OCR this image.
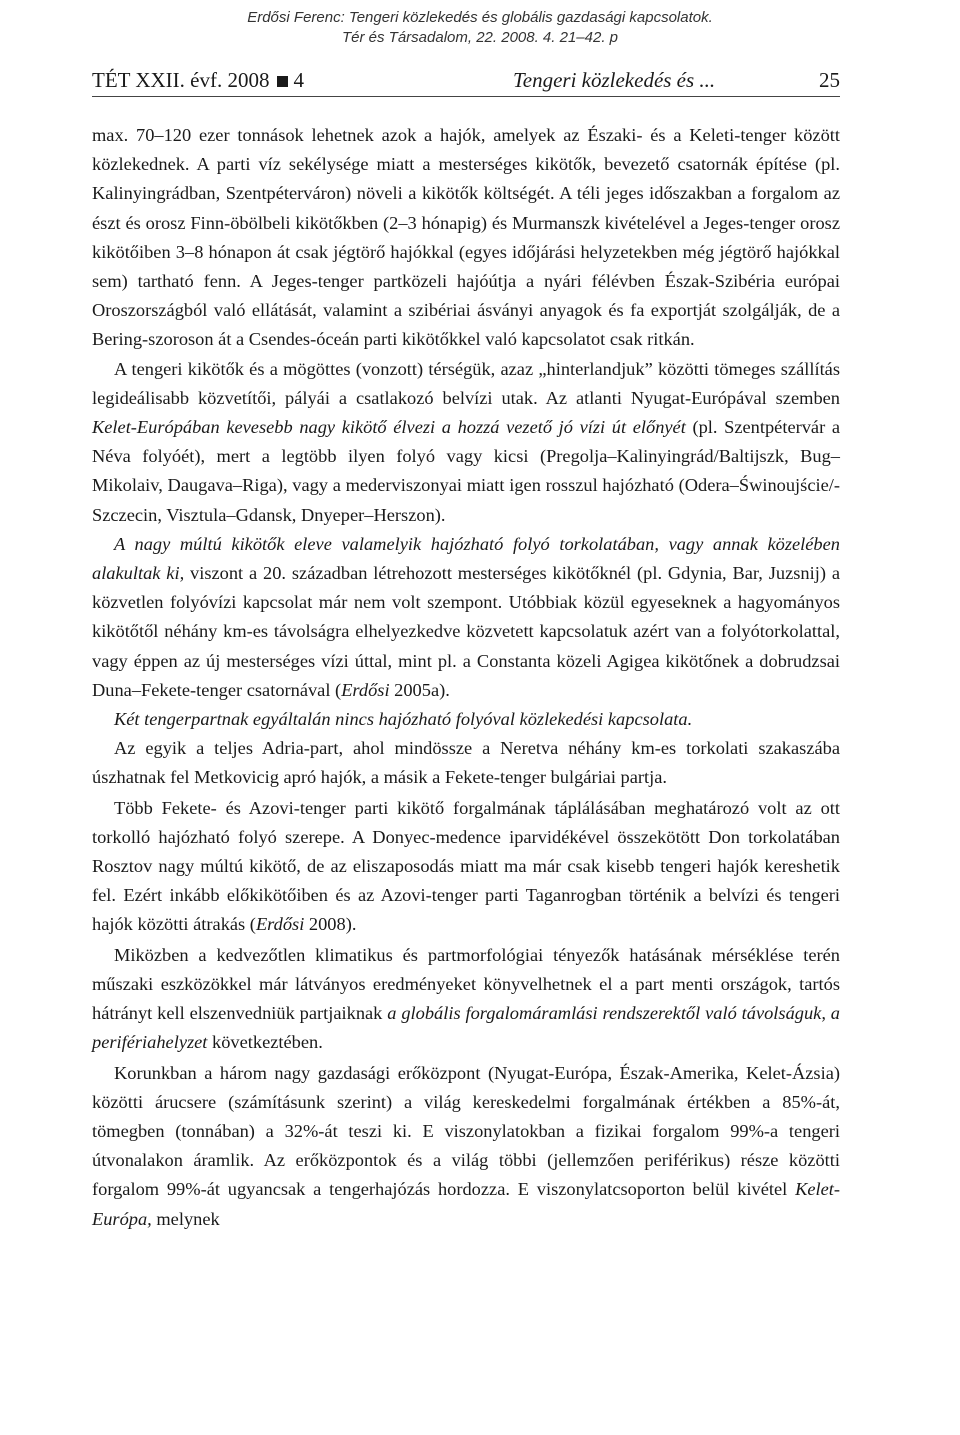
Erdősi Ferenc: Tengeri közlekedés és globális gazdasági kapcsolatok.
Tér és Társadalom, 22. 2008. 4. 21–42. p
TÉT XXII. évf. 2008 4	Tengeri közlekedés és ...	25

max. 70–120 ezer tonnások lehetnek azok a hajók, amelyek az Északi- és a Keleti-tenger között közlekednek. A parti víz sekélysége miatt a mesterséges kikötők, bevezető csatornák építése (pl. Kalinyingrádban, Szentpéterváron) növeli a kikötők költségét. A téli jeges időszakban a forgalom az észt és orosz Finn-öbölbeli kikötőkben (2–3 hónapig) és Murmanszk kivételével a Jeges-tenger orosz kikötőiben 3–8 hónapon át csak jégtörő hajókkal (egyes időjárási helyzetekben még jégtörő hajókkal sem) tartható fenn. A Jeges-tenger partközeli hajóútja a nyári félévben Észak-Szibéria európai Oroszországból való ellátását, valamint a szibériai ásványi anyagok és fa exportját szolgálják, de a Bering-szoroson át a Csendes-óceán parti kikötőkkel való kapcsolatot csak ritkán.

A tengeri kikötők és a mögöttes (vonzott) térségük, azaz „hinterlandjuk” közötti tömeges szállítás legideálisabb közvetítői, pályái a csatlakozó belvízi utak. Az atlanti Nyugat-Európával szemben Kelet-Európában kevesebb nagy kikötő élvezi a hozzá vezető jó vízi út előnyét (pl. Szentpétervár a Néva folyóét), mert a legtöbb ilyen folyó vagy kicsi (Pregolja–Kalinyingrád/Baltijszk, Bug–Mikolaiv, Daugava–Riga), vagy a mederviszonyai miatt igen rosszul hajózható (Odera–Świnoujście/-Szczecin, Visztula–Gdansk, Dnyeper–Herszon).

A nagy múltú kikötők eleve valamelyik hajózható folyó torkolatában, vagy annak közelében alakultak ki, viszont a 20. században létrehozott mesterséges kikötőknél (pl. Gdynia, Bar, Juzsnij) a közvetlen folyóvízi kapcsolat már nem volt szempont. Utóbbiak közül egyeseknek a hagyományos kikötőtől néhány km-es távolságra elhelyezkedve közvetett kapcsolatuk azért van a folyótorkolattal, vagy éppen az új mesterséges vízi úttal, mint pl. a Constanta közeli Agigea kikötőnek a dobrudzsai Duna–Fekete-tenger csatornával (Erdősi 2005a).

Két tengerpartnak egyáltalán nincs hajózható folyóval közlekedési kapcsolata.

Az egyik a teljes Adria-part, ahol mindössze a Neretva néhány km-es torkolati szakaszába úszhatnak fel Metkovicig apró hajók, a másik a Fekete-tenger bulgáriai partja.

Több Fekete- és Azovi-tenger parti kikötő forgalmának táplálásában meghatározó volt az ott torkolló hajózható folyó szerepe. A Donyec-medence iparvidékével összekötött Don torkolatában Rosztov nagy múltú kikötő, de az eliszaposodás miatt ma már csak kisebb tengeri hajók kereshetik fel. Ezért inkább előkikötőiben és az Azovi-tenger parti Taganrogban történik a belvízi és tengeri hajók közötti átrakás (Erdősi 2008).

Miközben a kedvezőtlen klimatikus és partmorfológiai tényezők hatásának mérséklése terén műszaki eszközökkel már látványos eredményeket könyvelhetnek el a part menti országok, tartós hátrányt kell elszenvedniük partjaiknak a globális forgalomáramlási rendszerektől való távolságuk, a perifériahelyzet következtében.

Korunkban a három nagy gazdasági erőközpont (Nyugat-Európa, Észak-Amerika, Kelet-Ázsia) közötti árucsere (számításunk szerint) a világ kereskedelmi forgalmának értékben a 85%-át, tömegben (tonnában) a 32%-át teszi ki. E viszonylatokban a fizikai forgalom 99%-a tengeri útvonalakon áramlik. Az erőközpontok és a világ többi (jellemzően periférikus) része közötti forgalom 99%-át ugyancsak a tengerhajózás hordozza. E viszonylatcsoporton belül kivétel Kelet-Európa, melynek
